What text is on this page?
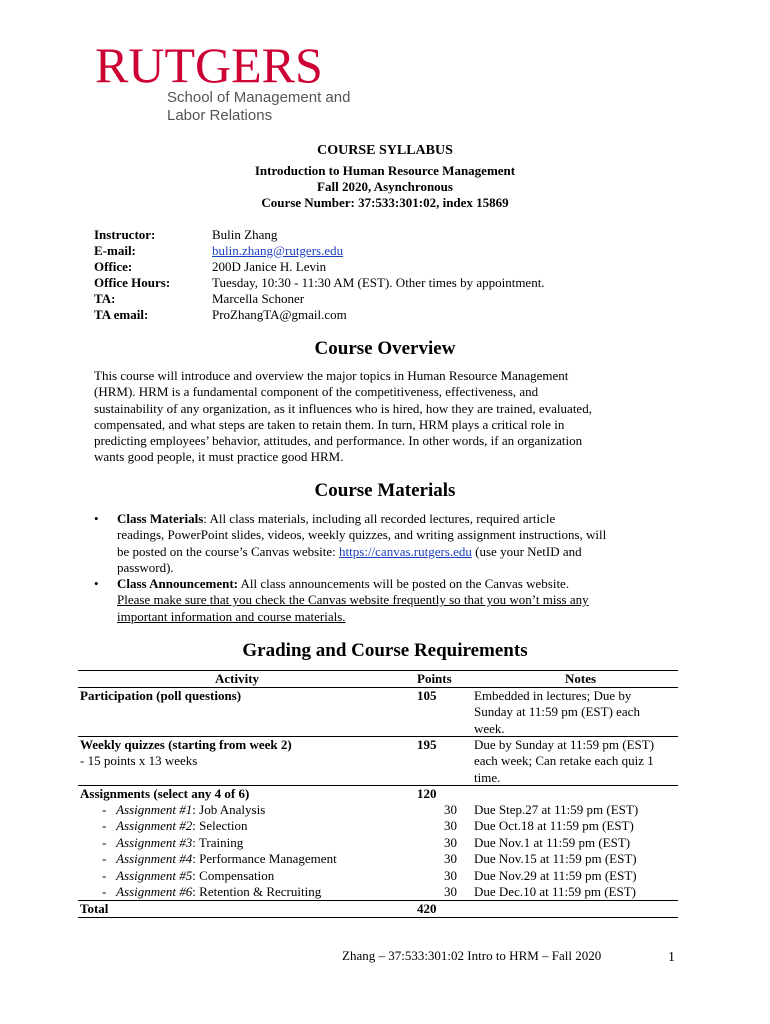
RUTGERS
School of Management and
Labor Relations
COURSE SYLLABUS
Introduction to Human Resource Management
Fall 2020, Asynchronous
Course Number: 37:533:301:02, index 15869
Instructor:	Bulin Zhang
E-mail:	bulin.zhang@rutgers.edu
Office:	200D Janice H. Levin
Office Hours:	Tuesday, 10:30 - 11:30 AM (EST). Other times by appointment.
TA:	Marcella Schoner
TA email:	ProZhangTA@gmail.com
Course Overview
This course will introduce and overview the major topics in Human Resource Management
(HRM). HRM is a fundamental component of the competitiveness, effectiveness, and
sustainability of any organization, as it influences who is hired, how they are trained, evaluated,
compensated, and what steps are taken to retain them. In turn, HRM plays a critical role in
predicting employees’ behavior, attitudes, and performance. In other words, if an organization
wants good people, it must practice good HRM.
Course Materials
• Class Materials: All class materials, including all recorded lectures, required article
readings, PowerPoint slides, videos, weekly quizzes, and writing assignment instructions, will
be posted on the course’s Canvas website: https://canvas.rutgers.edu (use your NetID and
password).
• Class Announcement: All class announcements will be posted on the Canvas website.
Please make sure that you check the Canvas website frequently so that you won’t miss any
important information and course materials.
Grading and Course Requirements
Activity	Points	Notes
Participation (poll questions)	105	Embedded in lectures; Due by
Sunday at 11:59 pm (EST) each
week.
Weekly quizzes (starting from week 2)
- 15 points x 13 weeks
195	Due by Sunday at 11:59 pm (EST)
each week; Can retake each quiz 1
time.
Assignments (select any 4 of 6)	120
-   Assignment #1: Job Analysis	30 Due Step.27 at 11:59 pm (EST)
-   Assignment #2: Selection	30 Due Oct.18 at 11:59 pm (EST)
-   Assignment #3: Training	30 Due Nov.1 at 11:59 pm (EST)
-   Assignment #4: Performance Management	30 Due Nov.15 at 11:59 pm (EST)
-   Assignment #5: Compensation	30 Due Nov.29 at 11:59 pm (EST)
-   Assignment #6: Retention & Recruiting	30 Due Dec.10 at 11:59 pm (EST)
Total	420
Zhang – 37:533:301:02 Intro to HRM – Fall 2020	1
